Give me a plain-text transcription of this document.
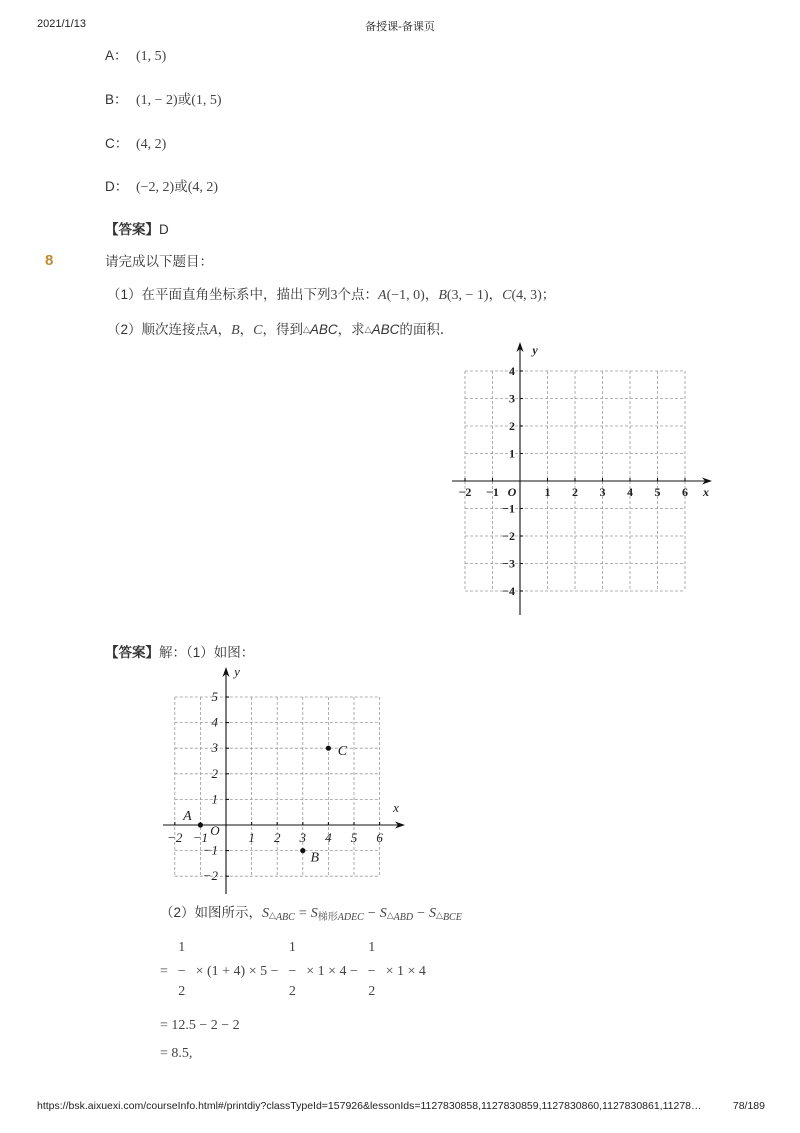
2021/1/13	备授课-备课页
A： (1, 5)
B： (1, − 2)或(1, 5)
C： (4, 2)
D： (−2, 2)或(4, 2)
【答案】D
8	请完成以下题目：
（1）在平面直角坐标系中，描出下列3个点：A(−1, 0)，B(3, − 1)，C(4, 3)；
（2）顺次连接点A，B，C，得到△ABC，求△ABC的面积．
−2 −1	1 2 3 4 5 6
4
3
2
1
−1
−2
−3
−4
O	x
y
【答案】解：（1）如图：
−2 −1	1 2 3 4 5 6
5
4
3
2
1
−1
−2
O
x
y
A
B
C
（2）如图所示，$S_{\triangle ABC} = S_{梯形ADEC} - S_{\triangle ABD} - S_{\triangle BCE}$
=
1
−
2
× (1 + 4) × 5 −
1
−
2
× 1 × 4 −
1
−
2
× 1 × 4
= 12.5 − 2 − 2
= 8.5,
https://bsk.aixuexi.com/courseInfo.html#/printdiy?classTypeId=157926&lessonIds=1127830858,1127830859,1127830860,1127830861,11278…	78/189
